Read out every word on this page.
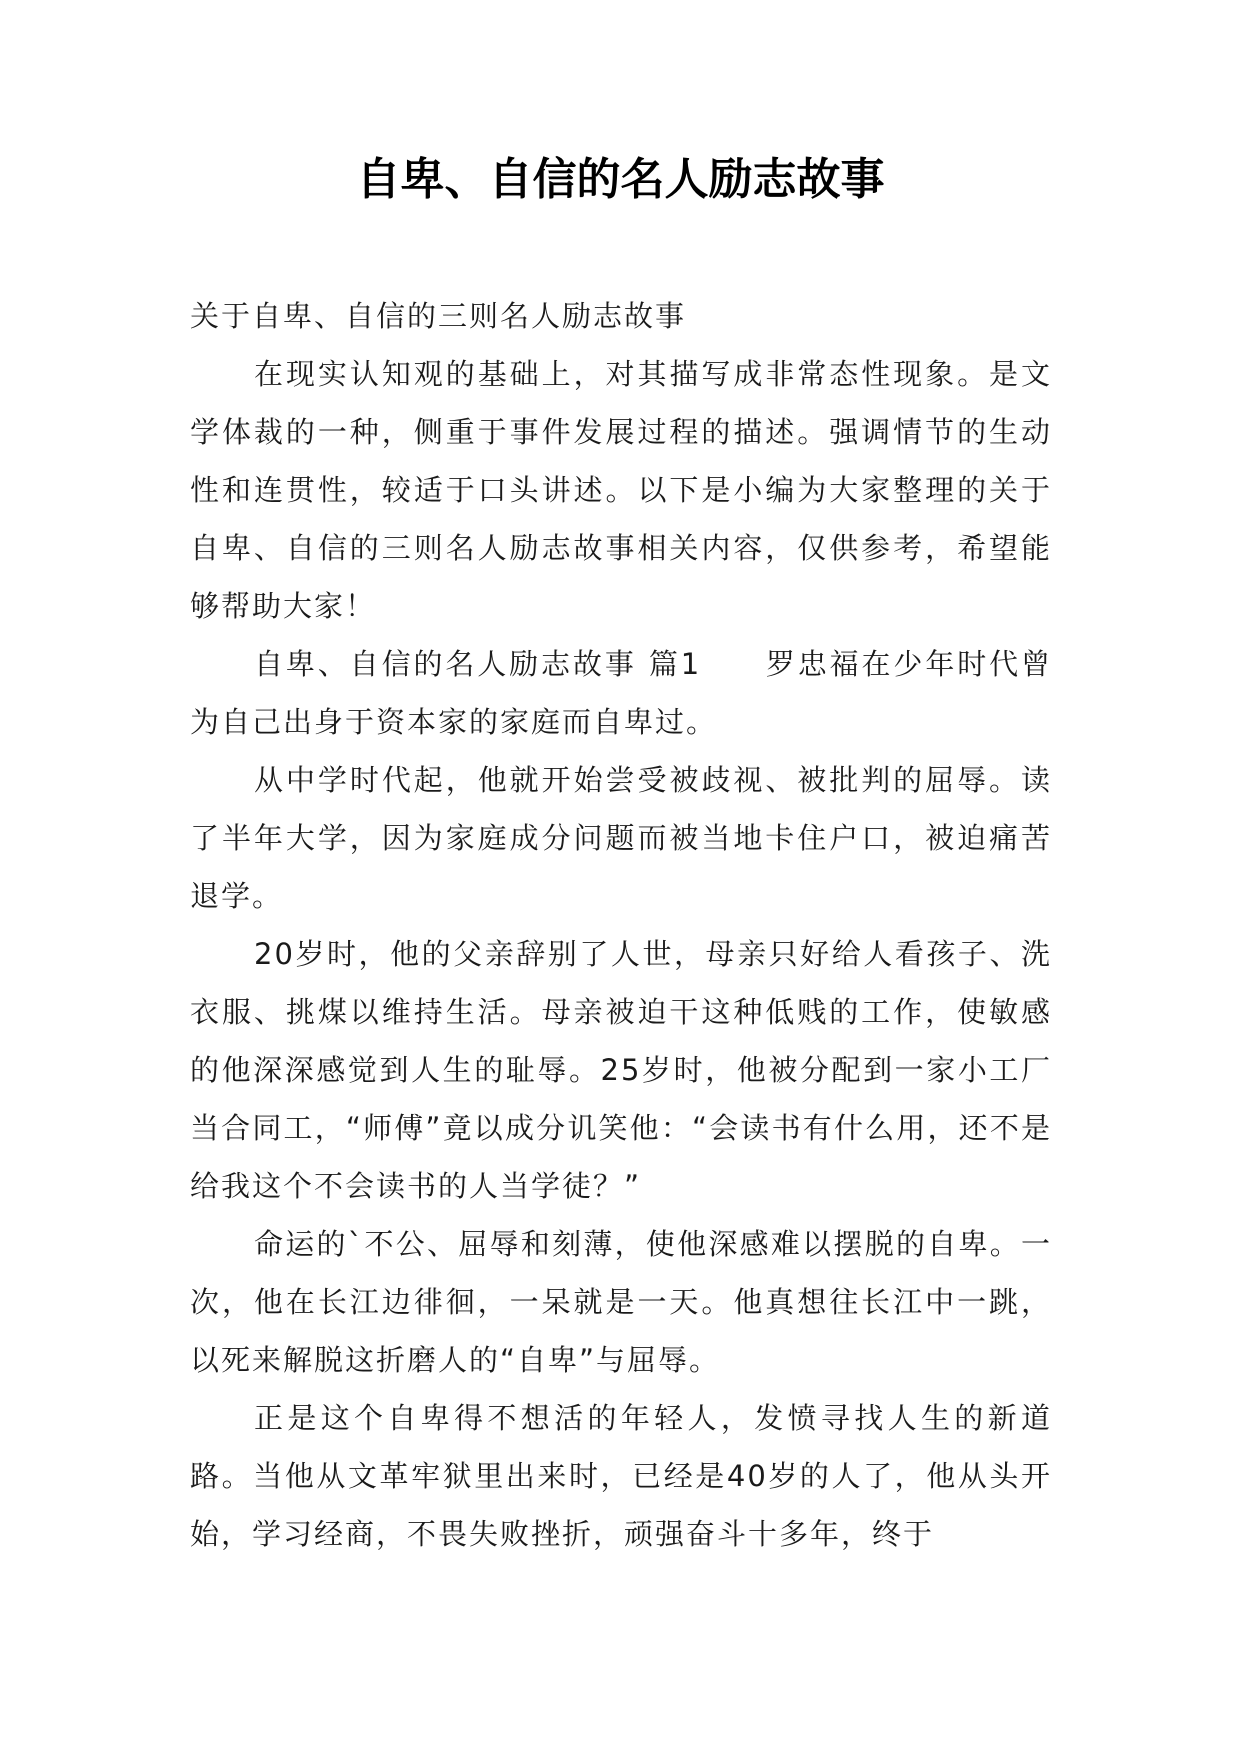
自卑、自信的名人励志故事

关于自卑、自信的三则名人励志故事

在现实认知观的基础上，对其描写成非常态性现象。是文学体裁的一种，侧重于事件发展过程的描述。强调情节的生动性和连贯性，较适于口头讲述。以下是小编为大家整理的关于自卑、自信的三则名人励志故事相关内容，仅供参考，希望能够帮助大家！

自卑、自信的名人励志故事 篇1　　罗忠福在少年时代曾为自己出身于资本家的家庭而自卑过。

从中学时代起，他就开始尝受被歧视、被批判的屈辱。读了半年大学，因为家庭成分问题而被当地卡住户口，被迫痛苦退学。

20岁时，他的父亲辞别了人世，母亲只好给人看孩子、洗衣服、挑煤以维持生活。母亲被迫干这种低贱的工作，使敏感的他深深感觉到人生的耻辱。25岁时，他被分配到一家小工厂当合同工，“师傅”竟以成分讥笑他：“会读书有什么用，还不是给我这个不会读书的人当学徒？”

命运的`不公、屈辱和刻薄，使他深感难以摆脱的自卑。一次，他在长江边徘徊，一呆就是一天。他真想往长江中一跳，以死来解脱这折磨人的“自卑”与屈辱。

正是这个自卑得不想活的年轻人，发愤寻找人生的新道路。当他从文革牢狱里出来时，已经是40岁的人了，他从头开始，学习经商，不畏失败挫折，顽强奋斗十多年，终于
